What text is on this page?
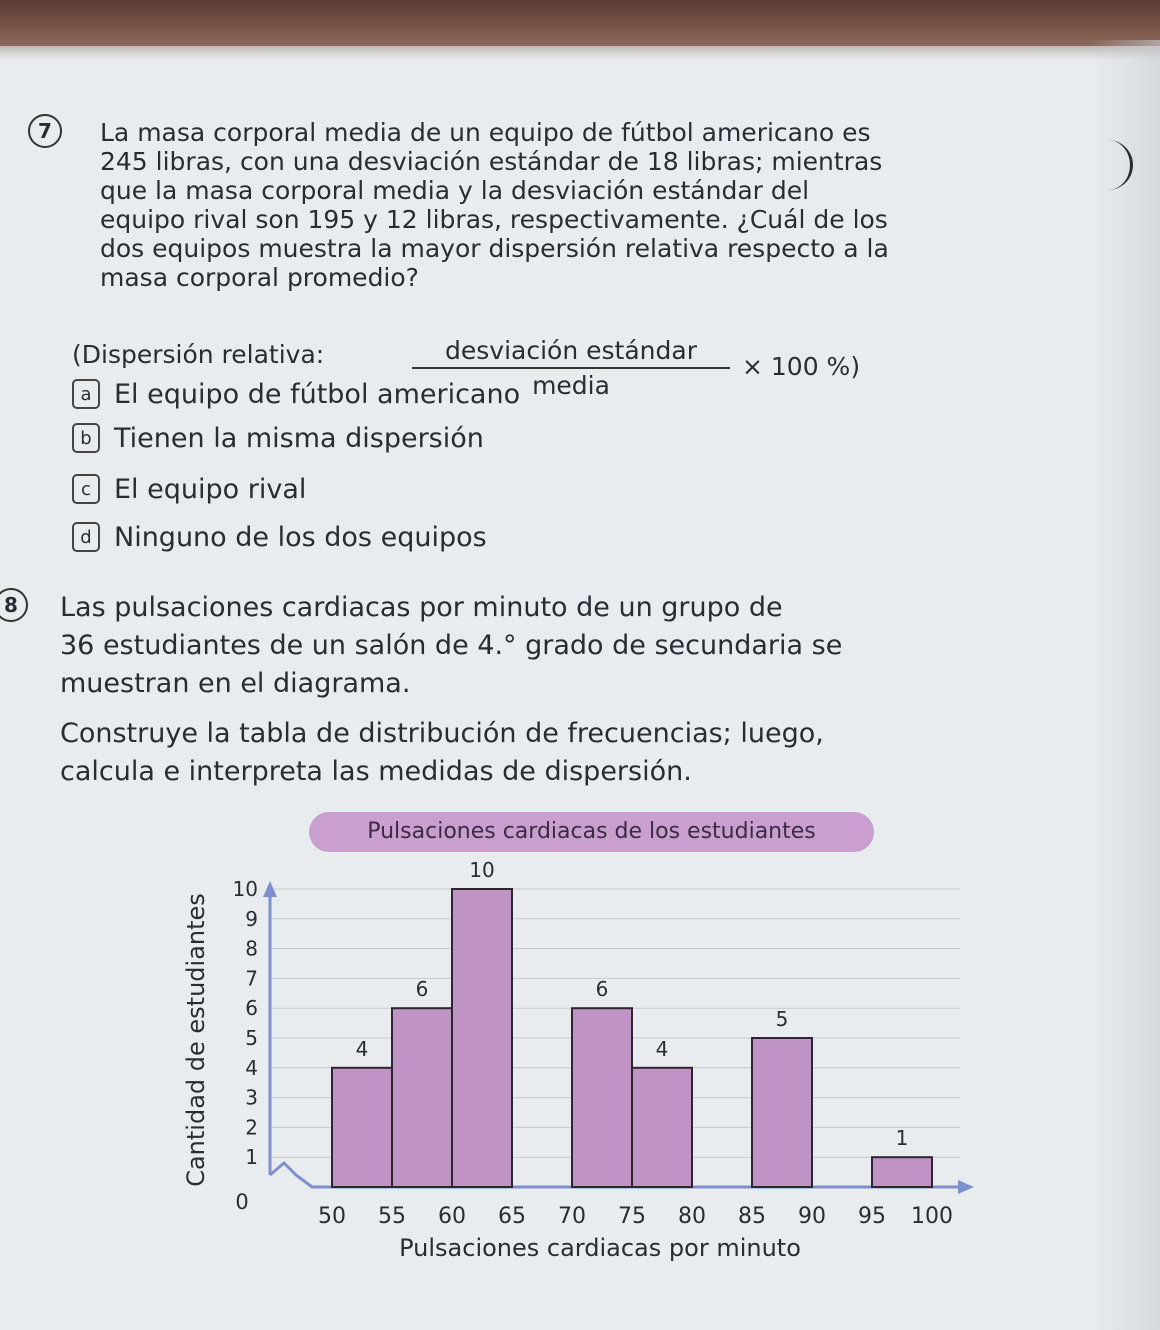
7	La masa corporal media de un equipo de fútbol americano es
245 libras, con una desviación estándar de 18 libras; mientras
que la masa corporal media y la desviación estándar del
equipo rival son 195 y 12 libras, respectivamente. ¿Cuál de los
dos equipos muestra la mayor dispersión relativa respecto a la
masa corporal promedio?
(Dispersión relativa:	desviación estándar
media
× 100 %)
a El equipo de fútbol americano
b Tienen la misma dispersión
c El equipo rival
d Ninguno de los dos equipos
8	Las pulsaciones cardiacas por minuto de un grupo de
36 estudiantes de un salón de 4.° grado de secundaria se
muestran en el diagrama.
Construye la tabla de distribución de frecuencias; luego,
calcula e interpreta las medidas de dispersión.
Pulsaciones cardiacas de los estudiantes
Cantidad de estudiantes
Pulsaciones cardiacas por minuto
4
6
10
6
4
5
1
1
2
3
4
5
6
7
8
9
10
0
50 55 60 65 70 75 80 85 90 95 100
